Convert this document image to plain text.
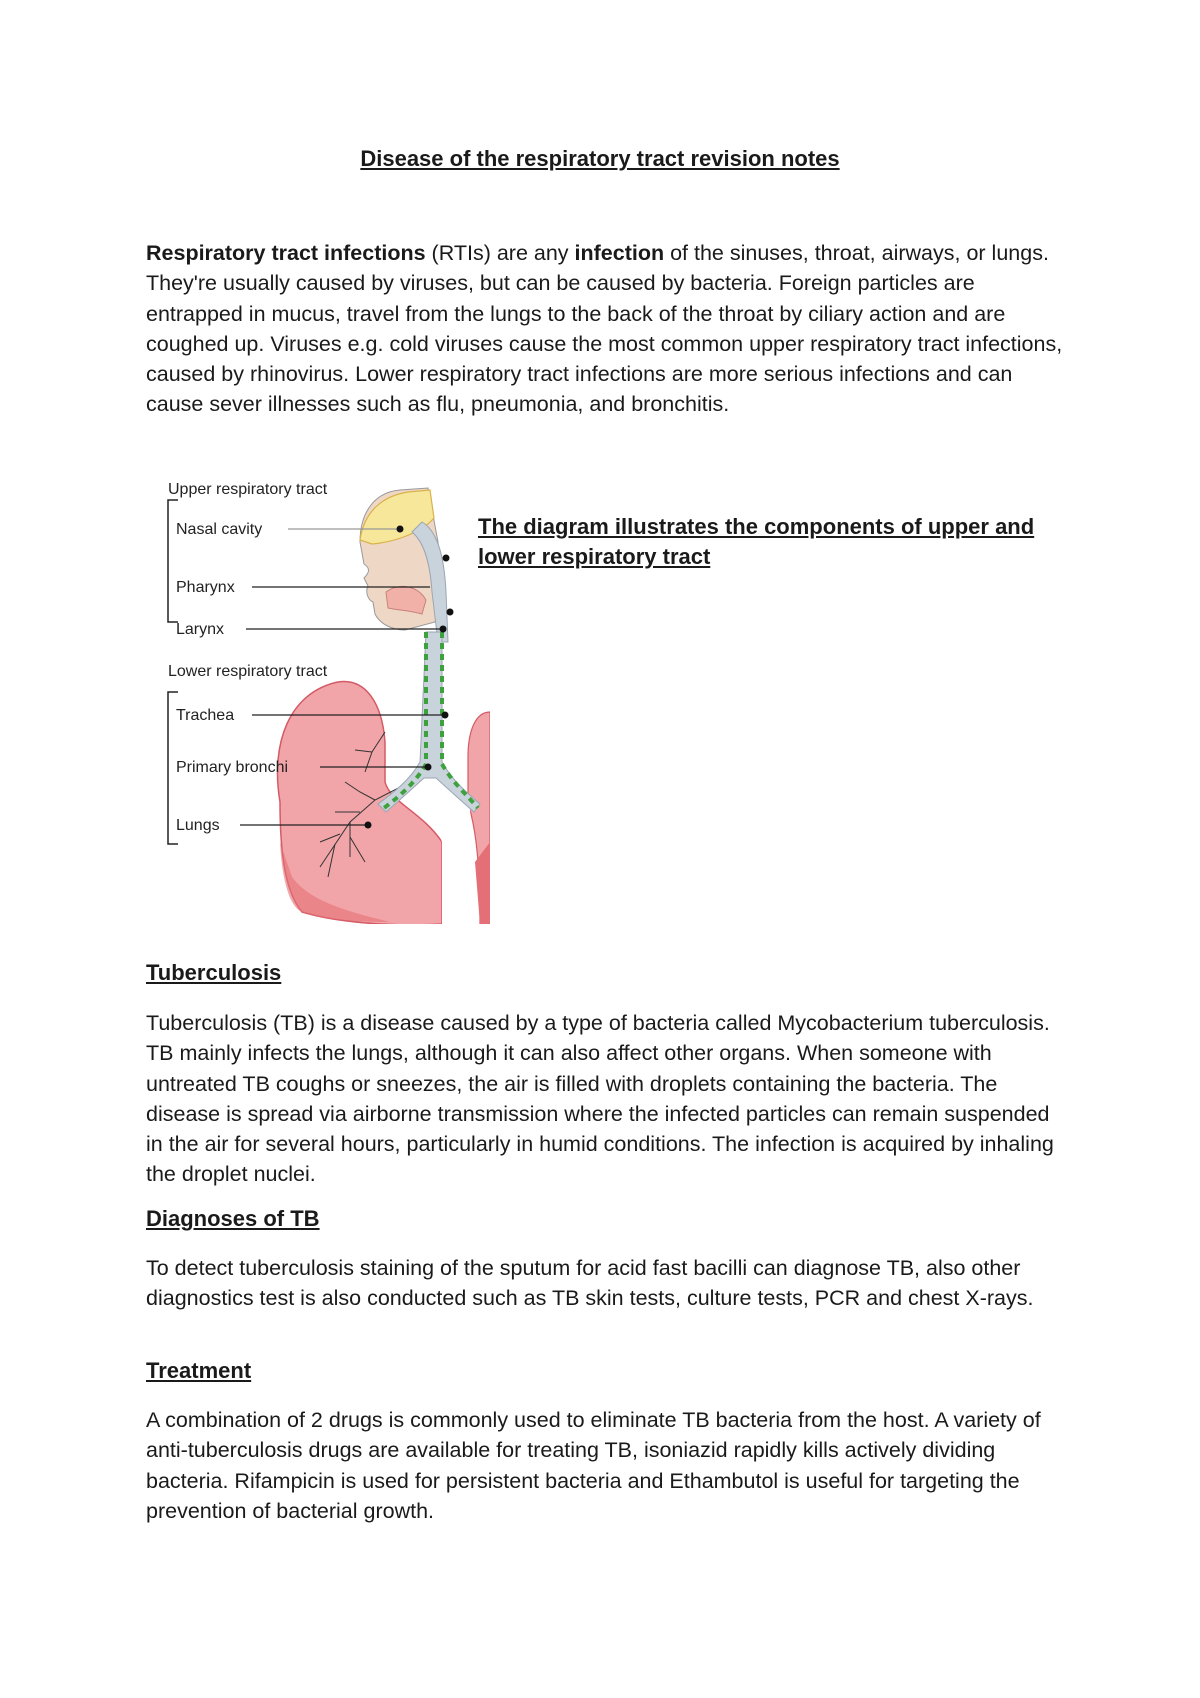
Disease of the respiratory tract revision notes

Respiratory tract infections (RTIs) are any infection of the sinuses, throat, airways, or lungs. They're usually caused by viruses, but can be caused by bacteria. Foreign particles are entrapped in mucus, travel from the lungs to the back of the throat by ciliary action and are coughed up. Viruses e.g. cold viruses cause the most common upper respiratory tract infections, caused by rhinovirus. Lower respiratory tract infections are more serious infections and can cause sever illnesses such as flu, pneumonia, and bronchitis.

Upper respiratory tract
Lower respiratory tract
Nasal cavity
Pharynx
Larynx
Trachea
Primary bronchi
Lungs

The diagram illustrates the components of upper and lower respiratory tract

Tuberculosis

Tuberculosis (TB) is a disease caused by a type of bacteria called Mycobacterium tuberculosis. TB mainly infects the lungs, although it can also affect other organs. When someone with untreated TB coughs or sneezes, the air is filled with droplets containing the bacteria. The disease is spread via airborne transmission where the infected particles can remain suspended in the air for several hours, particularly in humid conditions. The infection is acquired by inhaling the droplet nuclei.

Diagnoses of TB

To detect tuberculosis staining of the sputum for acid fast bacilli can diagnose TB, also other diagnostics test is also conducted such as TB skin tests, culture tests, PCR and chest X-rays.

Treatment

A combination of 2 drugs is commonly used to eliminate TB bacteria from the host. A variety of anti-tuberculosis drugs are available for treating TB, isoniazid rapidly kills actively dividing bacteria. Rifampicin is used for persistent bacteria and Ethambutol is useful for targeting the prevention of bacterial growth.
